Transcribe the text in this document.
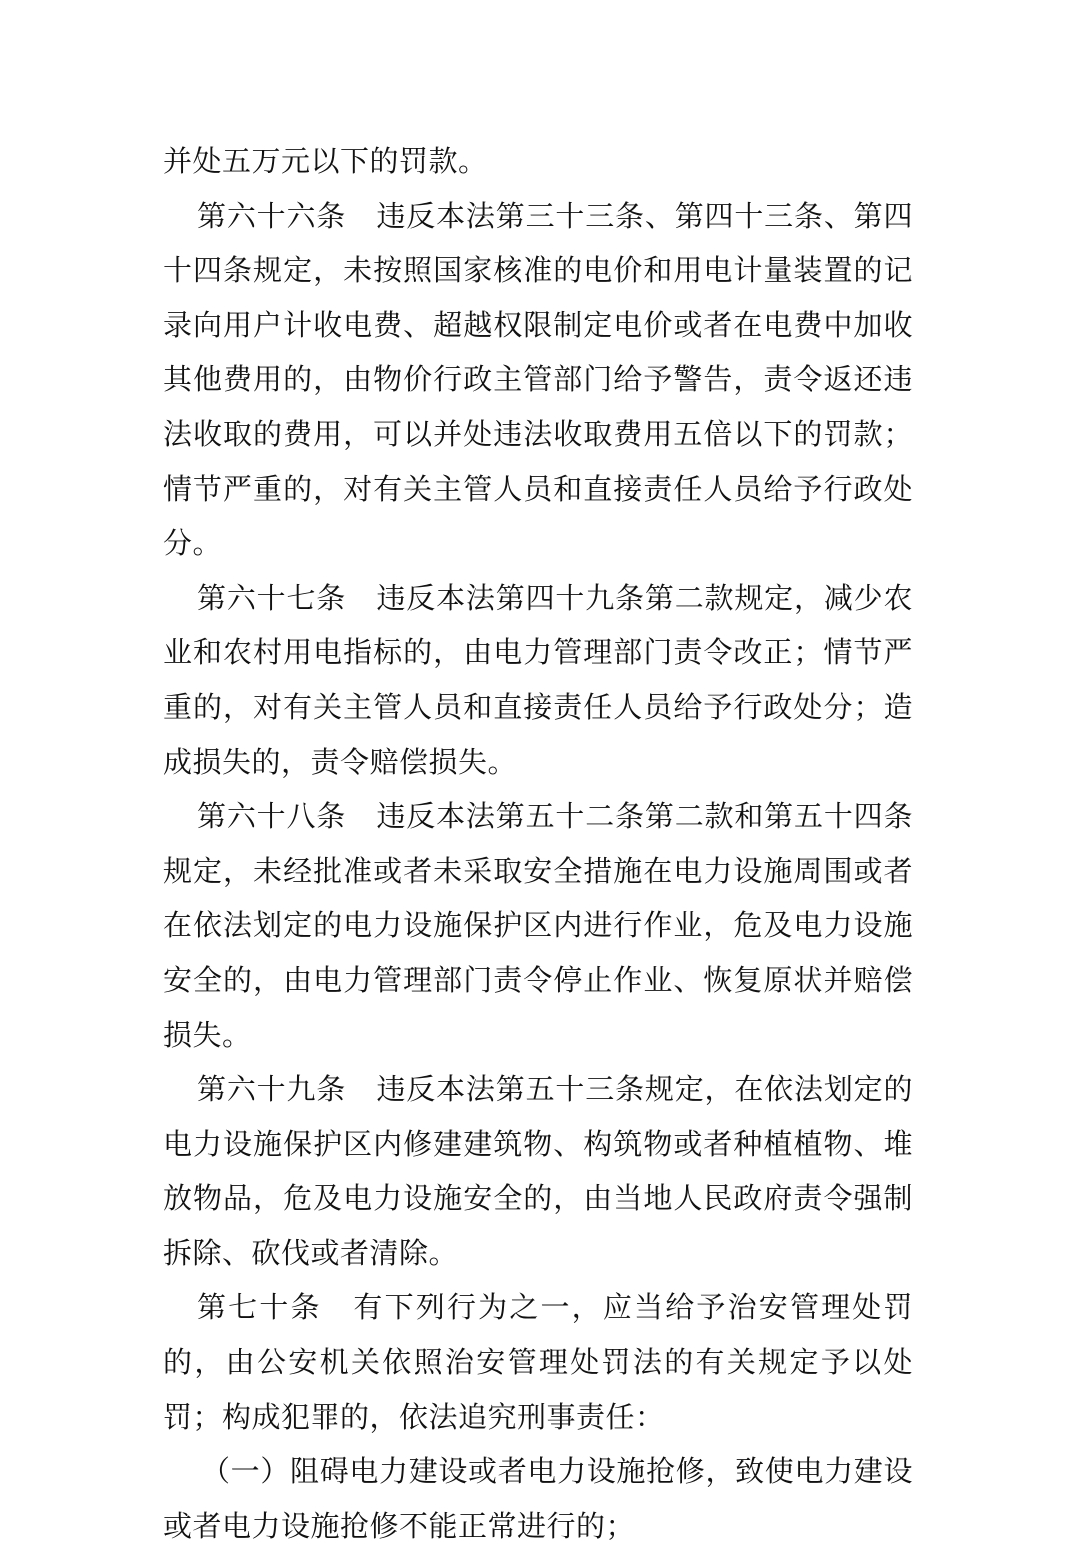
并处五万元以下的罚款。

第六十六条 违反本法第三十三条、第四十三条、第四十四条规定，未按照国家核准的电价和用电计量装置的记录向用户计收电费、超越权限制定电价或者在电费中加收其他费用的，由物价行政主管部门给予警告，责令返还违法收取的费用，可以并处违法收取费用五倍以下的罚款；情节严重的，对有关主管人员和直接责任人员给予行政处分。

第六十七条 违反本法第四十九条第二款规定，减少农业和农村用电指标的，由电力管理部门责令改正；情节严重的，对有关主管人员和直接责任人员给予行政处分；造成损失的，责令赔偿损失。

第六十八条 违反本法第五十二条第二款和第五十四条规定，未经批准或者未采取安全措施在电力设施周围或者在依法划定的电力设施保护区内进行作业，危及电力设施安全的，由电力管理部门责令停止作业、恢复原状并赔偿损失。

第六十九条 违反本法第五十三条规定，在依法划定的电力设施保护区内修建建筑物、构筑物或者种植植物、堆放物品，危及电力设施安全的，由当地人民政府责令强制拆除、砍伐或者清除。

第七十条 有下列行为之一，应当给予治安管理处罚的，由公安机关依照治安管理处罚法的有关规定予以处罚；构成犯罪的，依法追究刑事责任：

（一）阻碍电力建设或者电力设施抢修，致使电力建设或者电力设施抢修不能正常进行的；
